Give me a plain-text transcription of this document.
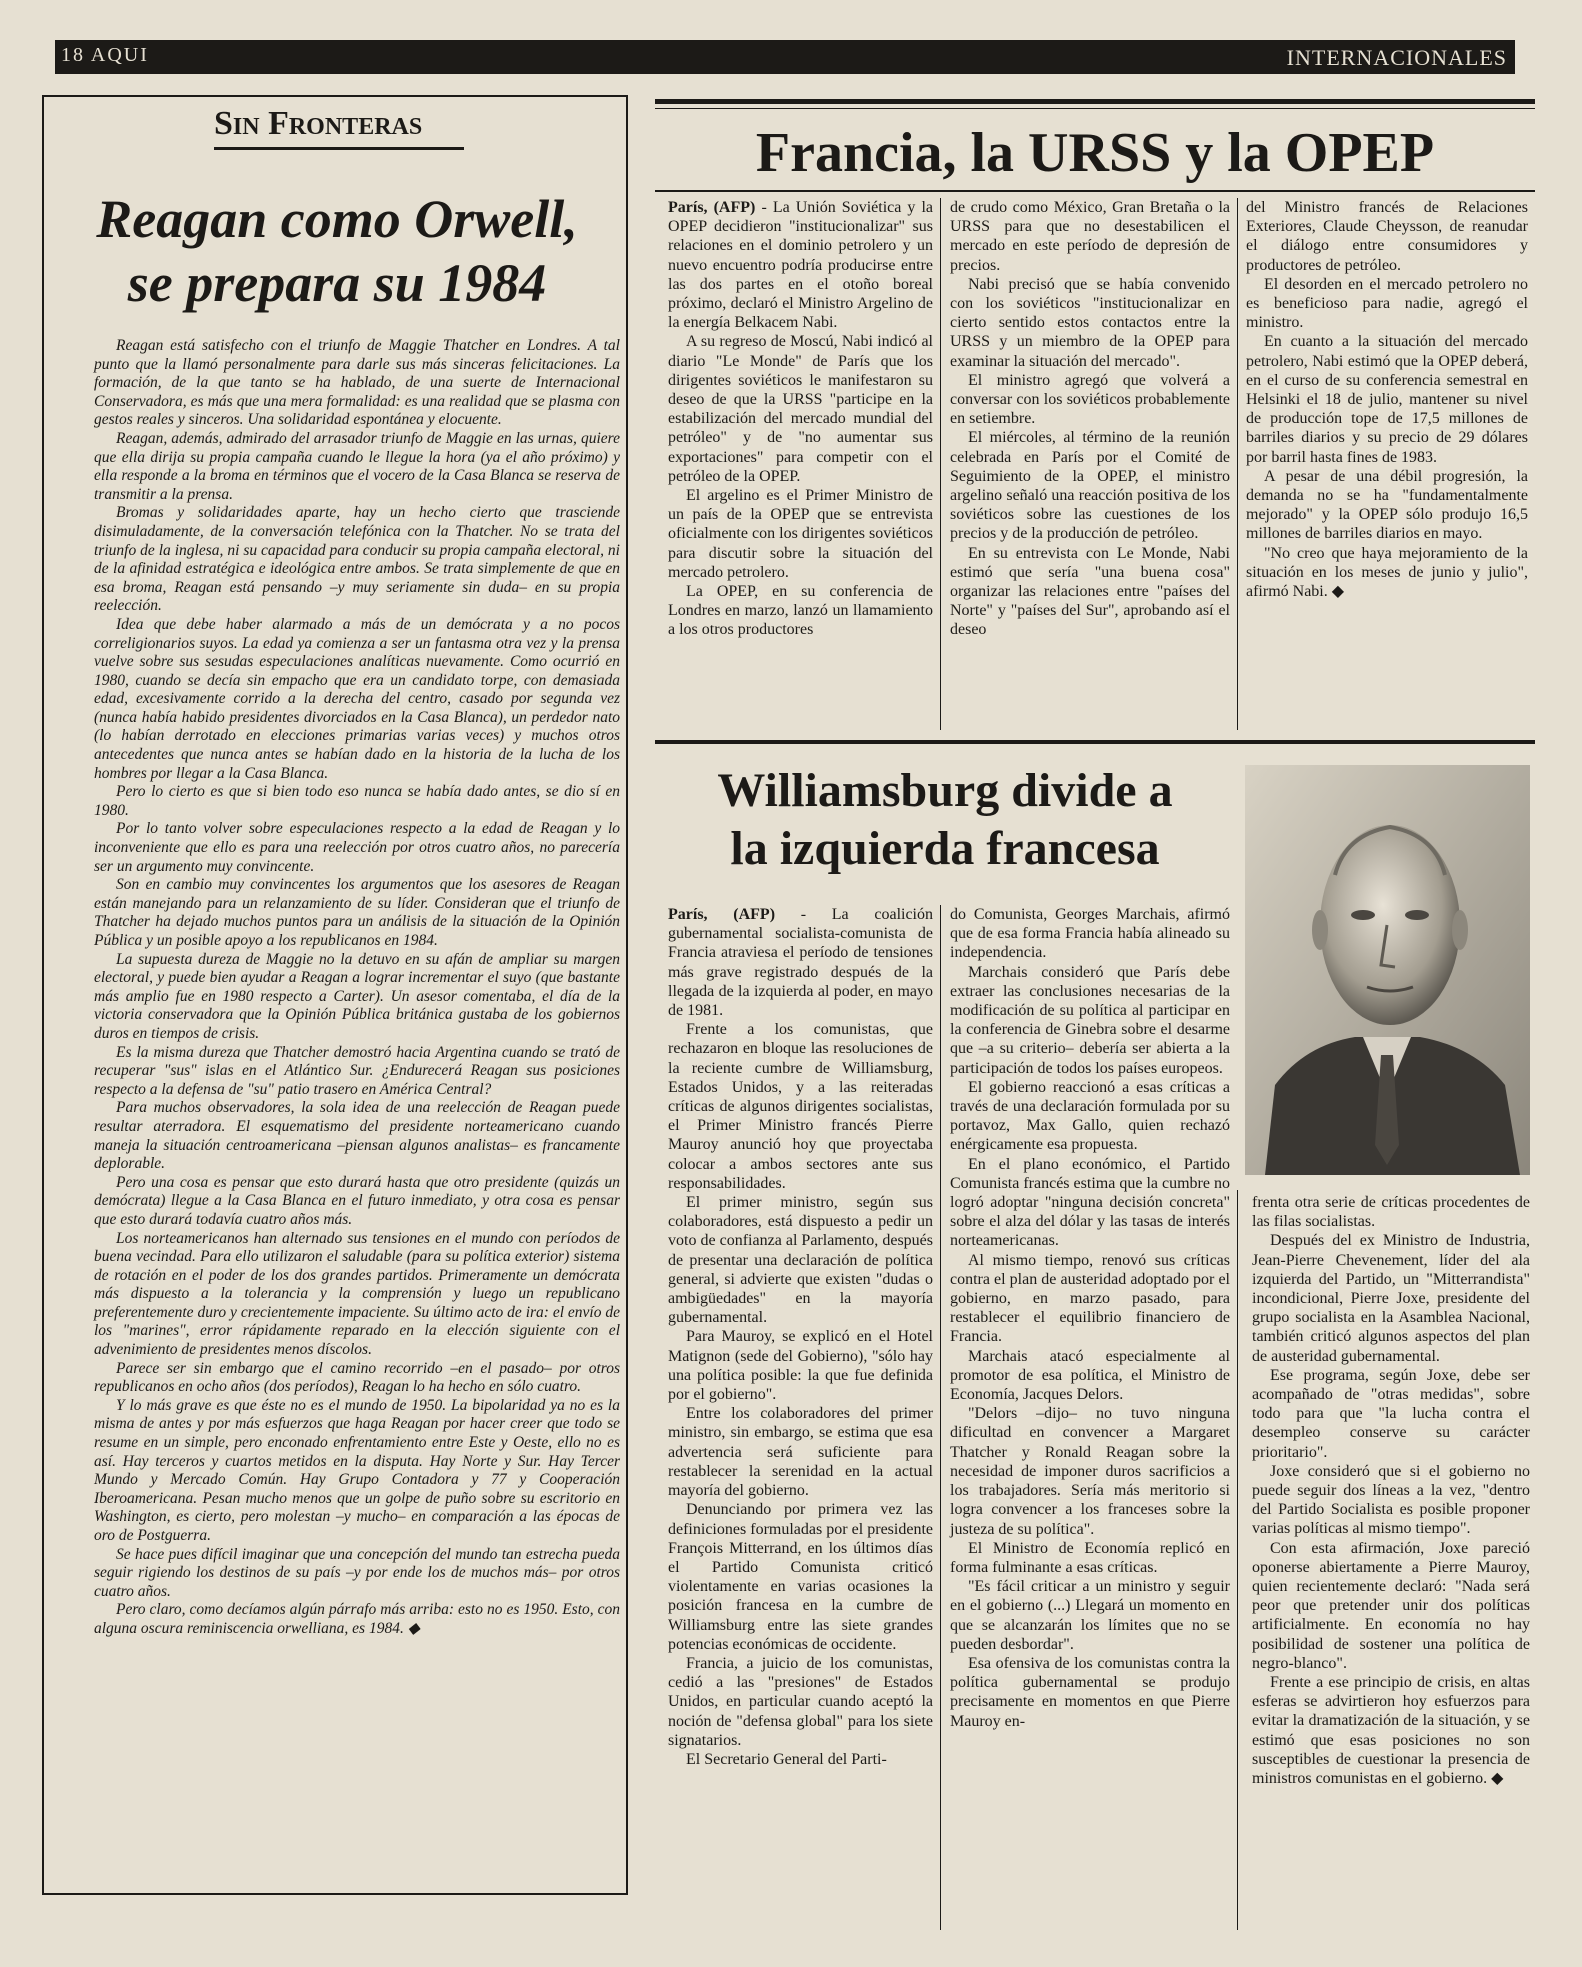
18 AQUI	INTERNACIONALES
Sin Fronteras
Reagan como Orwell,
se prepara su 1984

Reagan está satisfecho con el triunfo de Maggie Thatcher en Londres. A tal punto que la llamó personalmente para darle sus más sinceras felicitaciones. La formación, de la que tanto se ha hablado, de una suerte de Internacional Conservadora, es más que una mera formalidad: es una realidad que se plasma con gestos reales y sinceros. Una solidaridad espontánea y elocuente.

Reagan, además, admirado del arrasador triunfo de Maggie en las urnas, quiere que ella dirija su propia campaña cuando le llegue la hora (ya el año próximo) y ella responde a la broma en términos que el vocero de la Casa Blanca se reserva de transmitir a la prensa.

Bromas y solidaridades aparte, hay un hecho cierto que trasciende disimuladamente, de la conversación telefónica con la Thatcher. No se trata del triunfo de la inglesa, ni su capacidad para conducir su propia campaña electoral, ni de la afinidad estratégica e ideológica entre ambos. Se trata simplemente de que en esa broma, Reagan está pensando –y muy seriamente sin duda– en su propia reelección.

Idea que debe haber alarmado a más de un demócrata y a no pocos correligionarios suyos. La edad ya comienza a ser un fantasma otra vez y la prensa vuelve sobre sus sesudas especulaciones analíticas nuevamente. Como ocurrió en 1980, cuando se decía sin empacho que era un candidato torpe, con demasiada edad, excesivamente corrido a la derecha del centro, casado por segunda vez (nunca había habido presidentes divorciados en la Casa Blanca), un perdedor nato (lo habían derrotado en elecciones primarias varias veces) y muchos otros antecedentes que nunca antes se habían dado en la historia de la lucha de los hombres por llegar a la Casa Blanca.

Pero lo cierto es que si bien todo eso nunca se había dado antes, se dio sí en 1980.

Por lo tanto volver sobre especulaciones respecto a la edad de Reagan y lo inconveniente que ello es para una reelección por otros cuatro años, no parecería ser un argumento muy convincente.

Son en cambio muy convincentes los argumentos que los asesores de Reagan están manejando para un relanzamiento de su líder. Consideran que el triunfo de Thatcher ha dejado muchos puntos para un análisis de la situación de la Opinión Pública y un posible apoyo a los republicanos en 1984.

La supuesta dureza de Maggie no la detuvo en su afán de ampliar su margen electoral, y puede bien ayudar a Reagan a lograr incrementar el suyo (que bastante más amplio fue en 1980 respecto a Carter). Un asesor comentaba, el día de la victoria conservadora que la Opinión Pública británica gustaba de los gobiernos duros en tiempos de crisis.

Es la misma dureza que Thatcher demostró hacia Argentina cuando se trató de recuperar "sus" islas en el Atlántico Sur. ¿Endurecerá Reagan sus posiciones respecto a la defensa de "su" patio trasero en América Central?

Para muchos observadores, la sola idea de una reelección de Reagan puede resultar aterradora. El esquematismo del presidente norteamericano cuando maneja la situación centroamericana –piensan algunos analistas– es francamente deplorable.

Pero una cosa es pensar que esto durará hasta que otro presidente (quizás un demócrata) llegue a la Casa Blanca en el futuro inmediato, y otra cosa es pensar que esto durará todavía cuatro años más.

Los norteamericanos han alternado sus tensiones en el mundo con períodos de buena vecindad. Para ello utilizaron el saludable (para su política exterior) sistema de rotación en el poder de los dos grandes partidos. Primeramente un demócrata más dispuesto a la tolerancia y la comprensión y luego un republicano preferentemente duro y crecientemente impaciente. Su último acto de ira: el envío de los "marines", error rápidamente reparado en la elección siguiente con el advenimiento de presidentes menos díscolos.

Parece ser sin embargo que el camino recorrido –en el pasado– por otros republicanos en ocho años (dos períodos), Reagan lo ha hecho en sólo cuatro.

Y lo más grave es que éste no es el mundo de 1950. La bipolaridad ya no es la misma de antes y por más esfuerzos que haga Reagan por hacer creer que todo se resume en un simple, pero enconado enfrentamiento entre Este y Oeste, ello no es así. Hay terceros y cuartos metidos en la disputa. Hay Norte y Sur. Hay Tercer Mundo y Mercado Común. Hay Grupo Contadora y 77 y Cooperación Iberoamericana. Pesan mucho menos que un golpe de puño sobre su escritorio en Washington, es cierto, pero molestan –y mucho– en comparación a las épocas de oro de Postguerra.

Se hace pues difícil imaginar que una concepción del mundo tan estrecha pueda seguir rigiendo los destinos de su país –y por ende los de muchos más– por otros cuatro años.

Pero claro, como decíamos algún párrafo más arriba: esto no es 1950. Esto, con alguna oscura reminiscencia orwelliana, es 1984. ◆

Francia, la URSS y la OPEP

París, (AFP) - La Unión Soviética y la OPEP decidieron "institucionalizar" sus relaciones en el dominio petrolero y un nuevo encuentro podría producirse entre las dos partes en el otoño boreal próximo, declaró el Ministro Argelino de la energía Belkacem Nabi.

A su regreso de Moscú, Nabi indicó al diario "Le Monde" de París que los dirigentes soviéticos le manifestaron su deseo de que la URSS "participe en la estabilización del mercado mundial del petróleo" y de "no aumentar sus exportaciones" para competir con el petróleo de la OPEP.

El argelino es el Primer Ministro de un país de la OPEP que se entrevista oficialmente con los dirigentes soviéticos para discutir sobre la situación del mercado petrolero.

La OPEP, en su conferencia de Londres en marzo, lanzó un llamamiento a los otros productores

de crudo como México, Gran Bretaña o la URSS para que no desestabilicen el mercado en este período de depresión de precios.

Nabi precisó que se había convenido con los soviéticos "institucionalizar en cierto sentido estos contactos entre la URSS y un miembro de la OPEP para examinar la situación del mercado".

El ministro agregó que volverá a conversar con los soviéticos probablemente en setiembre.

El miércoles, al término de la reunión celebrada en París por el Comité de Seguimiento de la OPEP, el ministro argelino señaló una reacción positiva de los soviéticos sobre las cuestiones de los precios y de la producción de petróleo.

En su entrevista con Le Monde, Nabi estimó que sería "una buena cosa" organizar las relaciones entre "países del Norte" y "países del Sur", aprobando así el deseo

del Ministro francés de Relaciones Exteriores, Claude Cheysson, de reanudar el diálogo entre consumidores y productores de petróleo.

El desorden en el mercado petrolero no es beneficioso para nadie, agregó el ministro.

En cuanto a la situación del mercado petrolero, Nabi estimó que la OPEP deberá, en el curso de su conferencia semestral en Helsinki el 18 de julio, mantener su nivel de producción tope de 17,5 millones de barriles diarios y su precio de 29 dólares por barril hasta fines de 1983.

A pesar de una débil progresión, la demanda no se ha "fundamentalmente mejorado" y la OPEP sólo produjo 16,5 millones de barriles diarios en mayo.

"No creo que haya mejoramiento de la situación en los meses de junio y julio", afirmó Nabi. ◆

Williamsburg divide a
la izquierda francesa

París, (AFP) - La coalición gubernamental socialista-comunista de Francia atraviesa el período de tensiones más grave registrado después de la llegada de la izquierda al poder, en mayo de 1981.

Frente a los comunistas, que rechazaron en bloque las resoluciones de la reciente cumbre de Williamsburg, Estados Unidos, y a las reiteradas críticas de algunos dirigentes socialistas, el Primer Ministro francés Pierre Mauroy anunció hoy que proyectaba colocar a ambos sectores ante sus responsabilidades.

El primer ministro, según sus colaboradores, está dispuesto a pedir un voto de confianza al Parlamento, después de presentar una declaración de política general, si advierte que existen "dudas o ambigüedades" en la mayoría gubernamental.

Para Mauroy, se explicó en el Hotel Matignon (sede del Gobierno), "sólo hay una política posible: la que fue definida por el gobierno".

Entre los colaboradores del primer ministro, sin embargo, se estima que esa advertencia será suficiente para restablecer la serenidad en la actual mayoría del gobierno.

Denunciando por primera vez las definiciones formuladas por el presidente François Mitterrand, en los últimos días el Partido Comunista criticó violentamente en varias ocasiones la posición francesa en la cumbre de Williamsburg entre las siete grandes potencias económicas de occidente.

Francia, a juicio de los comunistas, cedió a las "presiones" de Estados Unidos, en particular cuando aceptó la noción de "defensa global" para los siete signatarios.

El Secretario General del Parti-

do Comunista, Georges Marchais, afirmó que de esa forma Francia había alineado su independencia.

Marchais consideró que París debe extraer las conclusiones necesarias de la modificación de su política al participar en la conferencia de Ginebra sobre el desarme que –a su criterio– debería ser abierta a la participación de todos los países europeos.

El gobierno reaccionó a esas críticas a través de una declaración formulada por su portavoz, Max Gallo, quien rechazó enérgicamente esa propuesta.

En el plano económico, el Partido Comunista francés estima que la cumbre no logró adoptar "ninguna decisión concreta" sobre el alza del dólar y las tasas de interés norteamericanas.

Al mismo tiempo, renovó sus críticas contra el plan de austeridad adoptado por el gobierno, en marzo pasado, para restablecer el equilibrio financiero de Francia.

Marchais atacó especialmente al promotor de esa política, el Ministro de Economía, Jacques Delors.

"Delors –dijo– no tuvo ninguna dificultad en convencer a Margaret Thatcher y Ronald Reagan sobre la necesidad de imponer duros sacrificios a los trabajadores. Sería más meritorio si logra convencer a los franceses sobre la justeza de su política".

El Ministro de Economía replicó en forma fulminante a esas críticas.

"Es fácil criticar a un ministro y seguir en el gobierno (...) Llegará un momento en que se alcanzarán los límites que no se pueden desbordar".

Esa ofensiva de los comunistas contra la política gubernamental se produjo precisamente en momentos en que Pierre Mauroy en-

frenta otra serie de críticas procedentes de las filas socialistas.

Después del ex Ministro de Industria, Jean-Pierre Chevenement, líder del ala izquierda del Partido, un "Mitterrandista" incondicional, Pierre Joxe, presidente del grupo socialista en la Asamblea Nacional, también criticó algunos aspectos del plan de austeridad gubernamental.

Ese programa, según Joxe, debe ser acompañado de "otras medidas", sobre todo para que "la lucha contra el desempleo conserve su carácter prioritario".

Joxe consideró que si el gobierno no puede seguir dos líneas a la vez, "dentro del Partido Socialista es posible proponer varias políticas al mismo tiempo".

Con esta afirmación, Joxe pareció oponerse abiertamente a Pierre Mauroy, quien recientemente declaró: "Nada será peor que pretender unir dos políticas artificialmente. En economía no hay posibilidad de sostener una política de negro-blanco".

Frente a ese principio de crisis, en altas esferas se advirtieron hoy esfuerzos para evitar la dramatización de la situación, y se estimó que esas posiciones no son susceptibles de cuestionar la presencia de ministros comunistas en el gobierno. ◆
